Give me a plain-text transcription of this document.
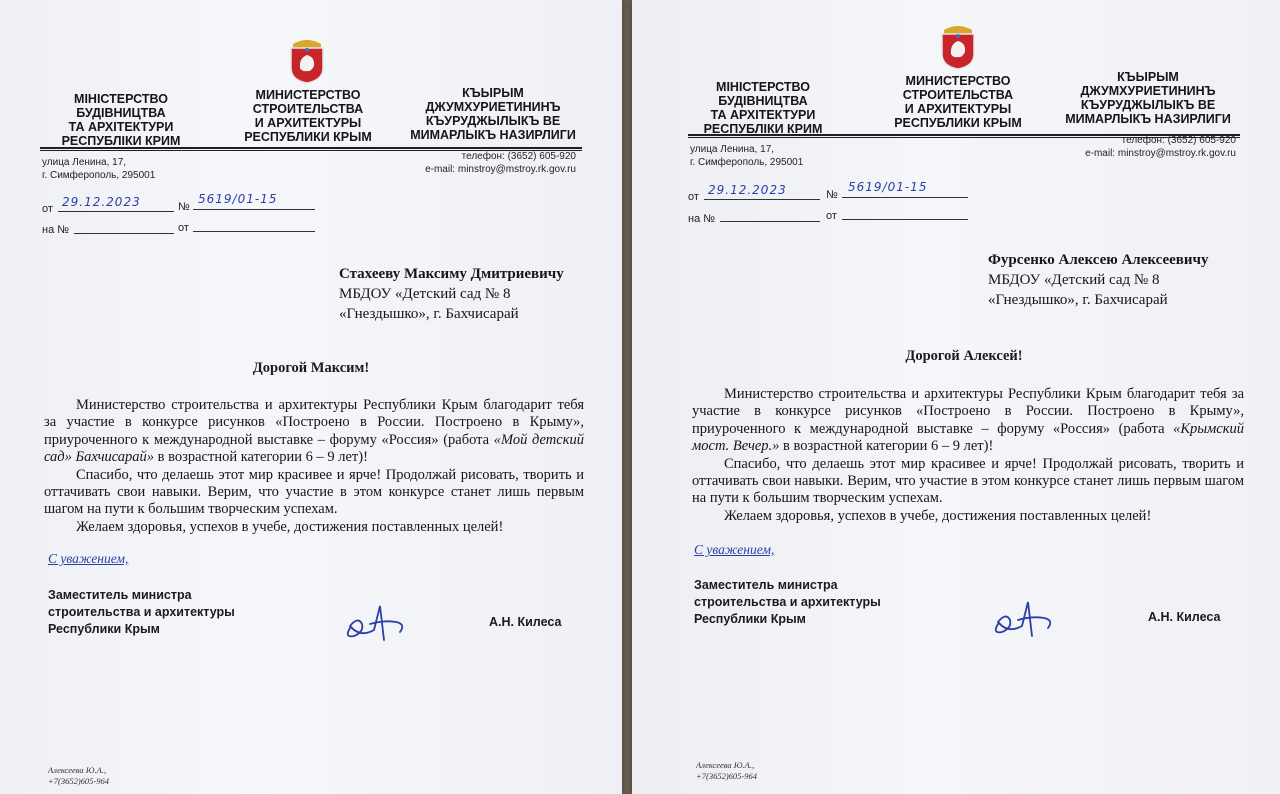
МИНИСТЕРСТВО
СТРОИТЕЛЬСТВА
И АРХИТЕКТУРЫ
РЕСПУБЛИКИ КРЫМ
МІНІСТЕРСТВО
БУДІВНИЦТВА
ТА АРХІТЕКТУРИ
РЕСПУБЛІКИ КРИМ
КЪЫРЫМ
ДЖУМХУРИЕТИНИНЪ
КЪУРУДЖЫЛЫКЪ ВЕ
МИМАРЛЫКЪ НАЗИРЛИГИ
улица Ленина, 17,
г. Симферополь, 295001
телефон: (3652) 605-920
e-mail: minstroy@mstroy.rk.gov.ru
от 29.12.2023	№
5619/01-15
на №	от
Стахееву Максиму Дмитриевичу
МБДОУ «Детский сад № 8
«Гнездышко», г. Бахчисарай
Дорогой Максим!

Министерство строительства и архитектуры Республики Крым благодарит тебя за участие в конкурсе рисунков «Построено в России. Построено в Крыму», приуроченного к международной выставке – форуму «Россия» (работа «Мой детский сад» Бахчисарай» в возрастной категории 6 – 9 лет)!

Спасибо, что делаешь этот мир красивее и ярче! Продолжай рисовать, творить и оттачивать свои навыки. Верим, что участие в этом конкурсе станет лишь первым шагом на пути к большим творческим успехам.

Желаем здоровья, успехов в учебе, достижения поставленных целей!

С уважением,
Заместитель министра
строительства и архитектуры
Республики Крым	А.Н. Килеса
Алексеева Ю.А.,
+7(3652)605-964
МИНИСТЕРСТВО
СТРОИТЕЛЬСТВА
И АРХИТЕКТУРЫ
РЕСПУБЛИКИ КРЫМ
МІНІСТЕРСТВО
БУДІВНИЦТВА
ТА АРХІТЕКТУРИ
РЕСПУБЛІКИ КРИМ
КЪЫРЫМ
ДЖУМХУРИЕТИНИНЪ
КЪУРУДЖЫЛЫКЪ ВЕ
МИМАРЛЫКЪ НАЗИРЛИГИ
улица Ленина, 17,
г. Симферополь, 295001
телефон: (3652) 605-920
e-mail: minstroy@mstroy.rk.gov.ru
от 29.12.2023	№
5619/01-15
на №	от
Фурсенко Алексею Алексеевичу
МБДОУ «Детский сад № 8
«Гнездышко», г. Бахчисарай
Дорогой Алексей!

Министерство строительства и архитектуры Республики Крым благодарит тебя за участие в конкурсе рисунков «Построено в России. Построено в Крыму», приуроченного к международной выставке – форуму «Россия» (работа «Крымский мост. Вечер.» в возрастной категории 6 – 9 лет)!

Спасибо, что делаешь этот мир красивее и ярче! Продолжай рисовать, творить и оттачивать свои навыки. Верим, что участие в этом конкурсе станет лишь первым шагом на пути к большим творческим успехам.

Желаем здоровья, успехов в учебе, достижения поставленных целей!

С уважением,
Заместитель министра
строительства и архитектуры
Республики Крым	А.Н. Килеса
Алексеева Ю.А.,
+7(3652)605-964
